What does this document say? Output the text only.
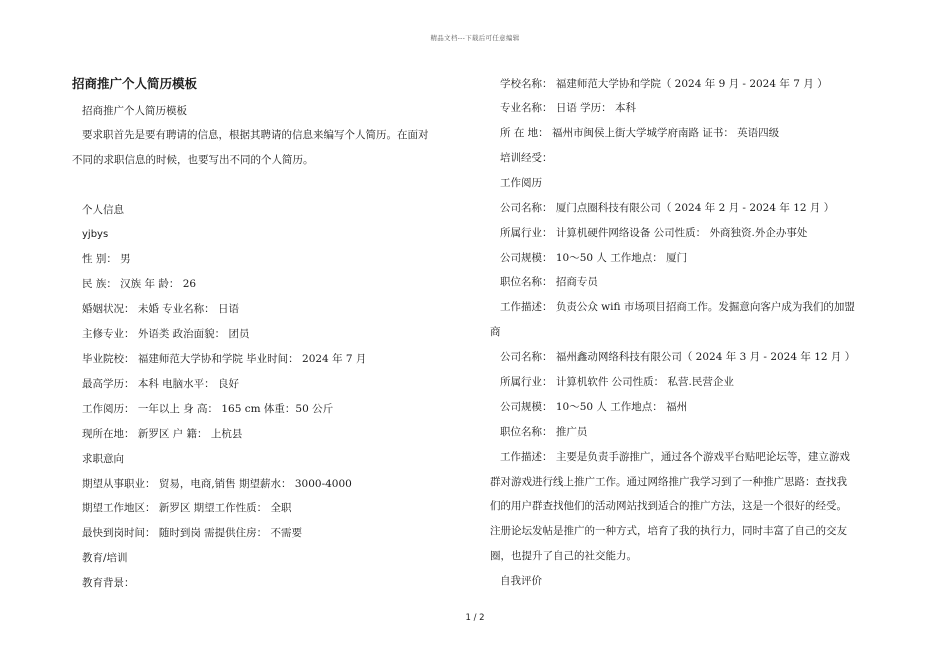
精品文档---下载后可任意编辑
招商推广个人简历模板
招商推广个人简历模板
要求职首先是要有聘请的信息，根据其聘请的信息来编写个人简历。在面对
不同的求职信息的时候，也要写出不同的个人简历。
个人信息
yjbys
性 别： 男
民 族： 汉族 年 龄： 26
婚姻状况： 未婚 专业名称： 日语
主修专业： 外语类 政治面貌： 团员
毕业院校： 福建师范大学协和学院 毕业时间： 2024 年 7 月
最高学历： 本科 电脑水平： 良好
工作阅历： 一年以上 身 高： 165 cm 体重：50 公斤
现所在地： 新罗区 户 籍： 上杭县
求职意向
期望从事职业： 贸易，电商,销售 期望薪水： 3000-4000
期望工作地区： 新罗区 期望工作性质： 全职
最快到岗时间： 随时到岗 需提供住房： 不需要
教育/培训
教育背景：
学校名称： 福建师范大学协和学院（ 2024 年 9 月 - 2024 年 7 月 ）
专业名称： 日语 学历： 本科
所 在 地： 福州市闽侯上街大学城学府南路 证书： 英语四级
培训经受：
工作阅历
公司名称： 厦门点圈科技有限公司（ 2024 年 2 月 - 2024 年 12 月 ）
所属行业： 计算机硬件网络设备 公司性质： 外商独资.外企办事处
公司规模： 10～50 人 工作地点： 厦门
职位名称： 招商专员
工作描述： 负责公众 wifi 市场项目招商工作。发掘意向客户成为我们的加盟
商
公司名称： 福州鑫动网络科技有限公司（ 2024 年 3 月 - 2024 年 12 月 ）
所属行业： 计算机软件 公司性质： 私营.民营企业
公司规模： 10～50 人 工作地点： 福州
职位名称： 推广员
工作描述： 主要是负责手游推广，通过各个游戏平台贴吧论坛等，建立游戏
群对游戏进行线上推广工作。通过网络推广我学习到了一种推广思路：查找我
们的用户群查找他们的活动网站找到适合的推广方法，这是一个很好的经受。
注册论坛发帖是推广的一种方式，培育了我的执行力，同时丰富了自己的交友
圈，也提升了自己的社交能力。
自我评价
1 / 2
